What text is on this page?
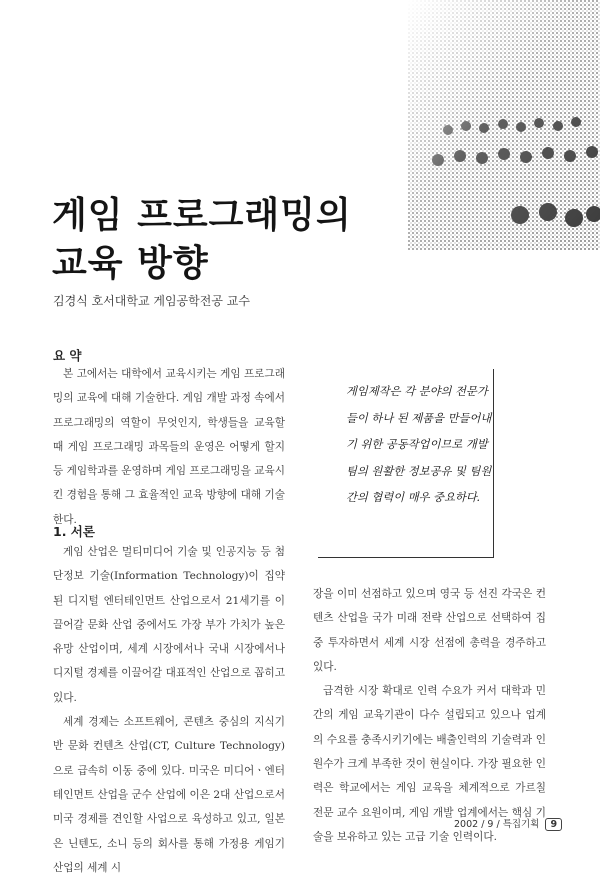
게임 프로그래밍의
교육 방향
김경식 호서대학교 게임공학전공 교수
요 약

본 고에서는 대학에서 교육시키는 게임 프로그래밍의 교육에 대해 기술한다. 게임 개발 과정 속에서 프로그래밍의 역할이 무엇인지, 학생들을 교육할 때 게임 프로그래밍 과목들의 운영은 어떻게 할지 등 게임학과를 운영하며 게임 프로그래밍을 교육시킨 경험을 통해 그 효율적인 교육 방향에 대해 기술한다.

1. 서론

게임 산업은 멀티미디어 기술 및 인공지능 등 첨단정보 기술(Information Technology)이 집약된 디지털 엔터테인먼트 산업으로서 21세기를 이끌어갈 문화 산업 중에서도 가장 부가 가치가 높은 유망 산업이며, 세계 시장에서나 국내 시장에서나 디지털 경제를 이끌어갈 대표적인 산업으로 꼽히고 있다.

세계 경제는 소프트웨어, 콘텐츠 중심의 지식기반 문화 컨텐츠 산업(CT, Culture Technology)으로 급속히 이동 중에 있다. 미국은 미디어ㆍ엔터테인먼트 산업을 군수 산업에 이은 2대 산업으로서 미국 경제를 견인할 사업으로 육성하고 있고, 일본은 닌텐도, 소니 등의 회사를 통해 가정용 게임기 산업의 세계 시

게임제작은 각 분야의 전문가들이 하나 된 제품을 만들어내기 위한 공동작업이므로 개발팀의 원활한 정보공유 및 팀원간의 협력이 매우 중요하다.

장을 이미 선점하고 있으며 영국 등 선진 각국은 컨텐츠 산업을 국가 미래 전략 산업으로 선택하여 집중 투자하면서 세계 시장 선점에 총력을 경주하고 있다.

급격한 시장 확대로 인력 수요가 커서 대학과 민간의 게임 교육기관이 다수 설립되고 있으나 업계의 수요를 충족시키기에는 배출인력의 기술력과 인원수가 크게 부족한 것이 현실이다. 가장 필요한 인력은 학교에서는 게임 교육을 체계적으로 가르칠 전문 교수 요원이며, 게임 개발 업계에서는 핵심 기술을 보유하고 있는 고급 기술 인력이다.

2002 / 9 / 특집기획 9
